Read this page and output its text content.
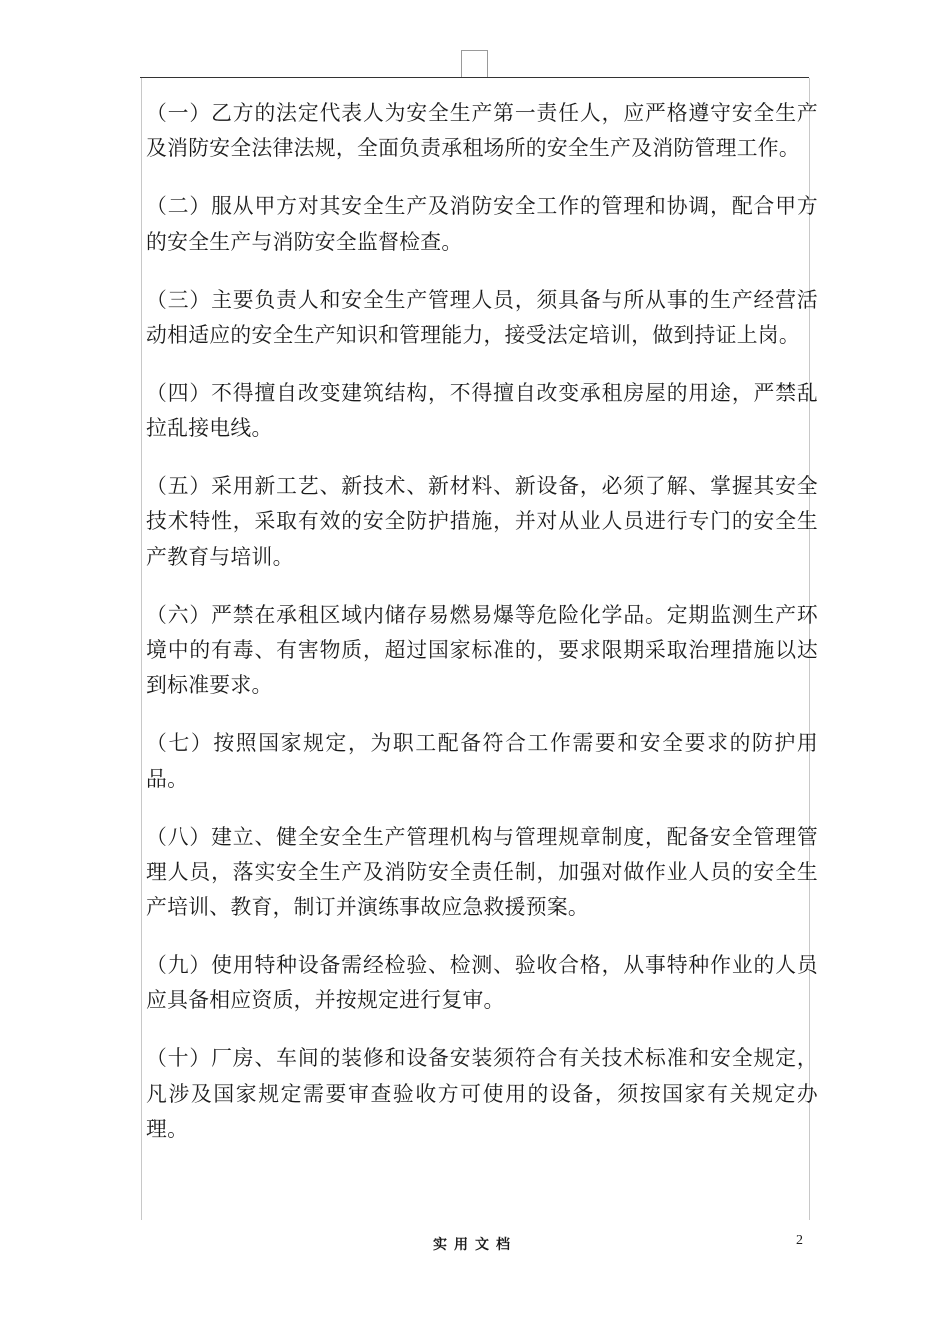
（一）乙方的法定代表人为安全生产第一责任人，应严格遵守安全生产及消防安全法律法规，全面负责承租场所的安全生产及消防管理工作。

（二）服从甲方对其安全生产及消防安全工作的管理和协调，配合甲方的安全生产与消防安全监督检查。

（三）主要负责人和安全生产管理人员，须具备与所从事的生产经营活动相适应的安全生产知识和管理能力，接受法定培训，做到持证上岗。

（四）不得擅自改变建筑结构，不得擅自改变承租房屋的用途，严禁乱拉乱接电线。

（五）采用新工艺、新技术、新材料、新设备，必须了解、掌握其安全技术特性，采取有效的安全防护措施，并对从业人员进行专门的安全生产教育与培训。

（六）严禁在承租区域内储存易燃易爆等危险化学品。定期监测生产环境中的有毒、有害物质，超过国家标准的，要求限期采取治理措施以达到标准要求。

（七）按照国家规定，为职工配备符合工作需要和安全要求的防护用品。

（八）建立、健全安全生产管理机构与管理规章制度，配备安全管理管理人员，落实安全生产及消防安全责任制，加强对做作业人员的安全生产培训、教育，制订并演练事故应急救援预案。

（九）使用特种设备需经检验、检测、验收合格，从事特种作业的人员应具备相应资质，并按规定进行复审。

（十）厂房、车间的装修和设备安装须符合有关技术标准和安全规定，凡涉及国家规定需要审查验收方可使用的设备，须按国家有关规定办理。

实用文档	2
